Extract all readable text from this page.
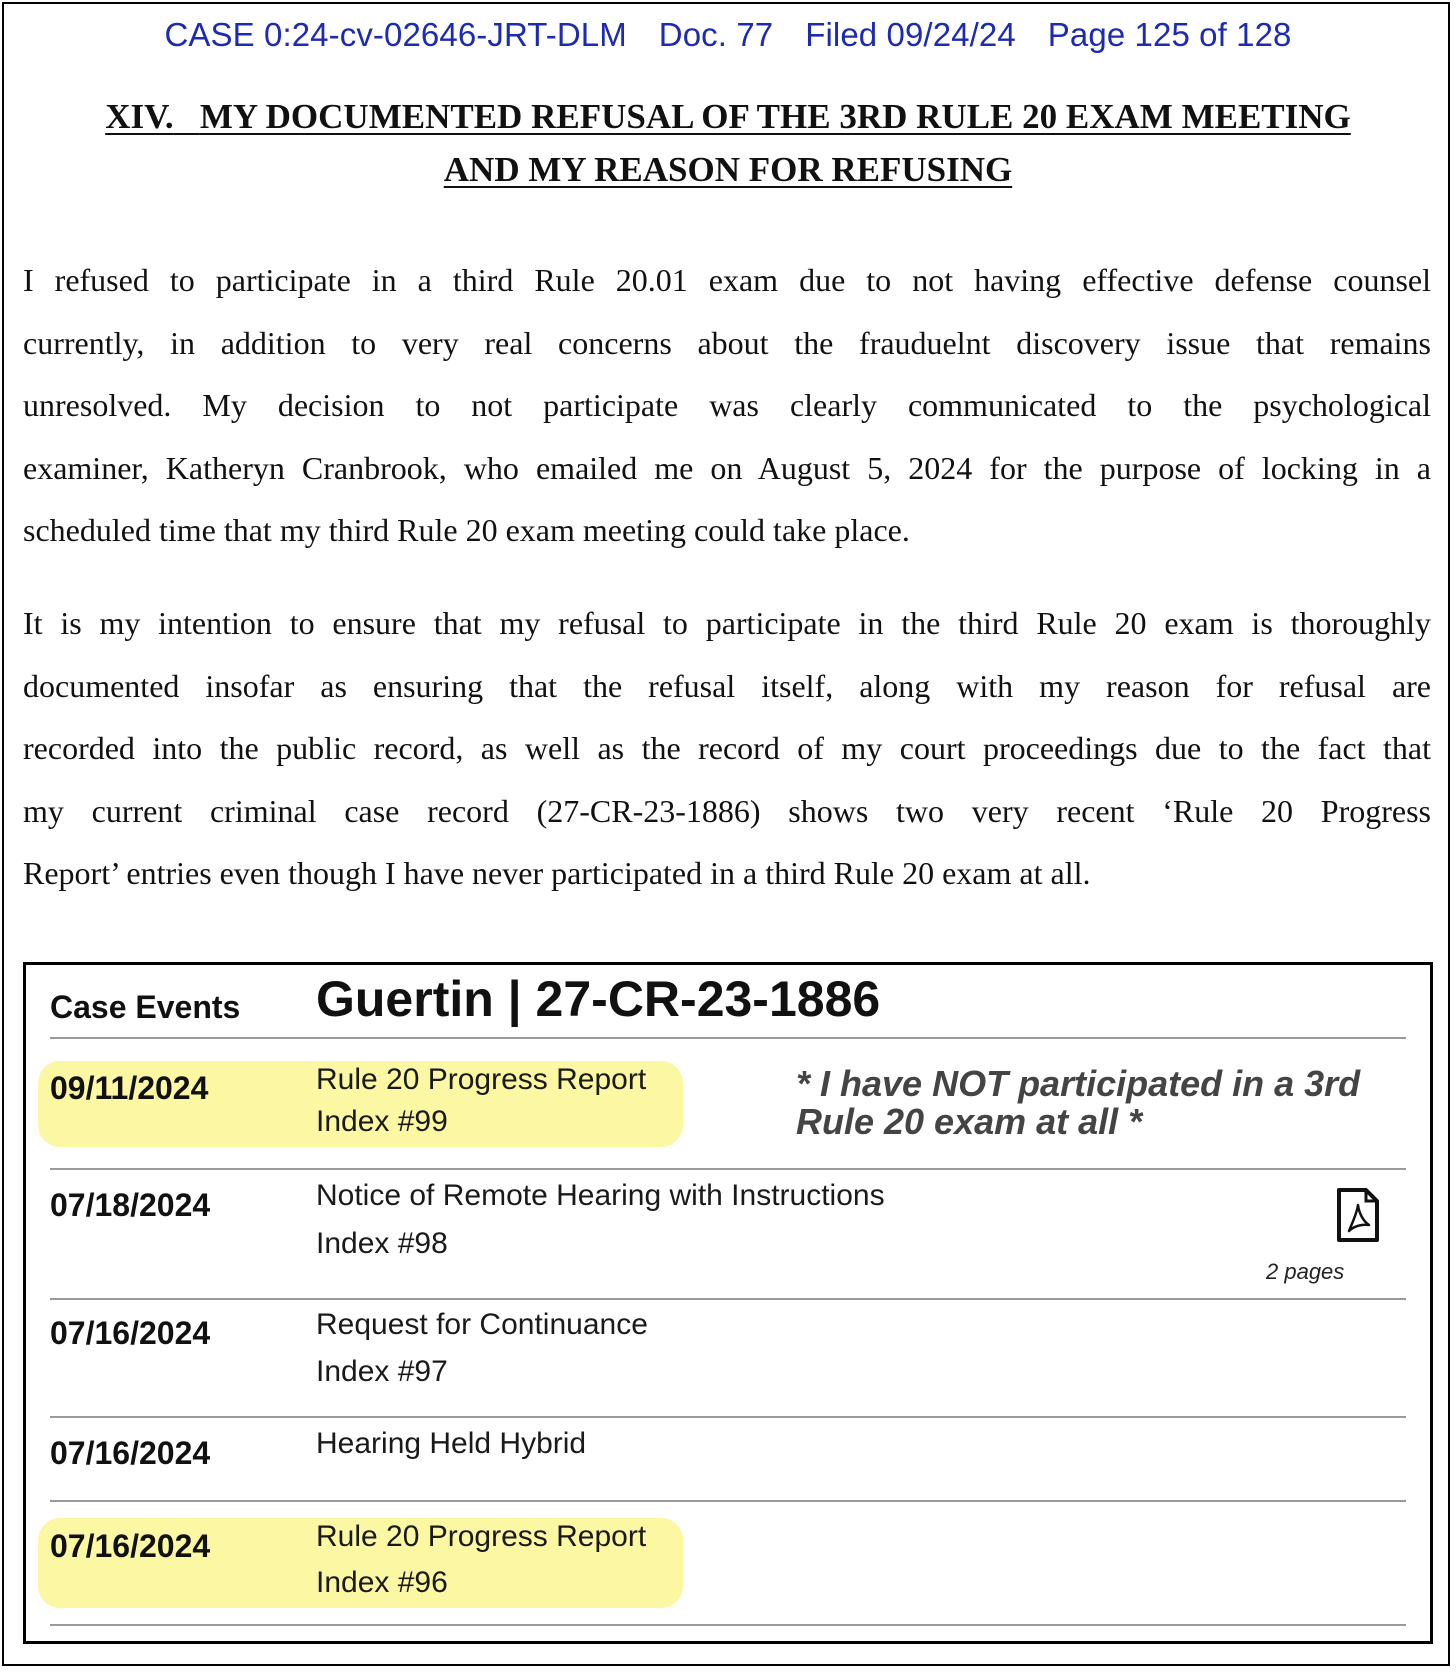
CASE 0:24-cv-02646-JRT-DLM Doc. 77 Filed 09/24/24 Page 125 of 128
XIV. MY DOCUMENTED REFUSAL OF THE 3RD RULE 20 EXAM MEETING
AND MY REASON FOR REFUSING
I refused to participate in a third Rule 20.01 exam due to not having effective defense counsel
currently, in addition to very real concerns about the frauduelnt discovery issue that remains
unresolved. My decision to not participate was clearly communicated to the psychological
examiner, Katheryn Cranbrook, who emailed me on August 5, 2024 for the purpose of locking in a
scheduled time that my third Rule 20 exam meeting could take place.
It is my intention to ensure that my refusal to participate in the third Rule 20 exam is thoroughly
documented insofar as ensuring that the refusal itself, along with my reason for refusal are
recorded into the public record, as well as the record of my court proceedings due to the fact that
my current criminal case record (27-CR-23-1886) shows two very recent ‘Rule 20 Progress
Report’ entries even though I have never participated in a third Rule 20 exam at all.
Case Events Guertin | 27-CR-23-1886
09/11/2024	Rule 20 Progress Report
Index #99
* I have NOT participated in a 3rd Rule 20 exam at all *
07/18/2024	Notice of Remote Hearing with Instructions
Index #98
2 pages
07/16/2024	Request for Continuance
Index #97
07/16/2024	Hearing Held Hybrid
07/16/2024	Rule 20 Progress Report
Index #96
